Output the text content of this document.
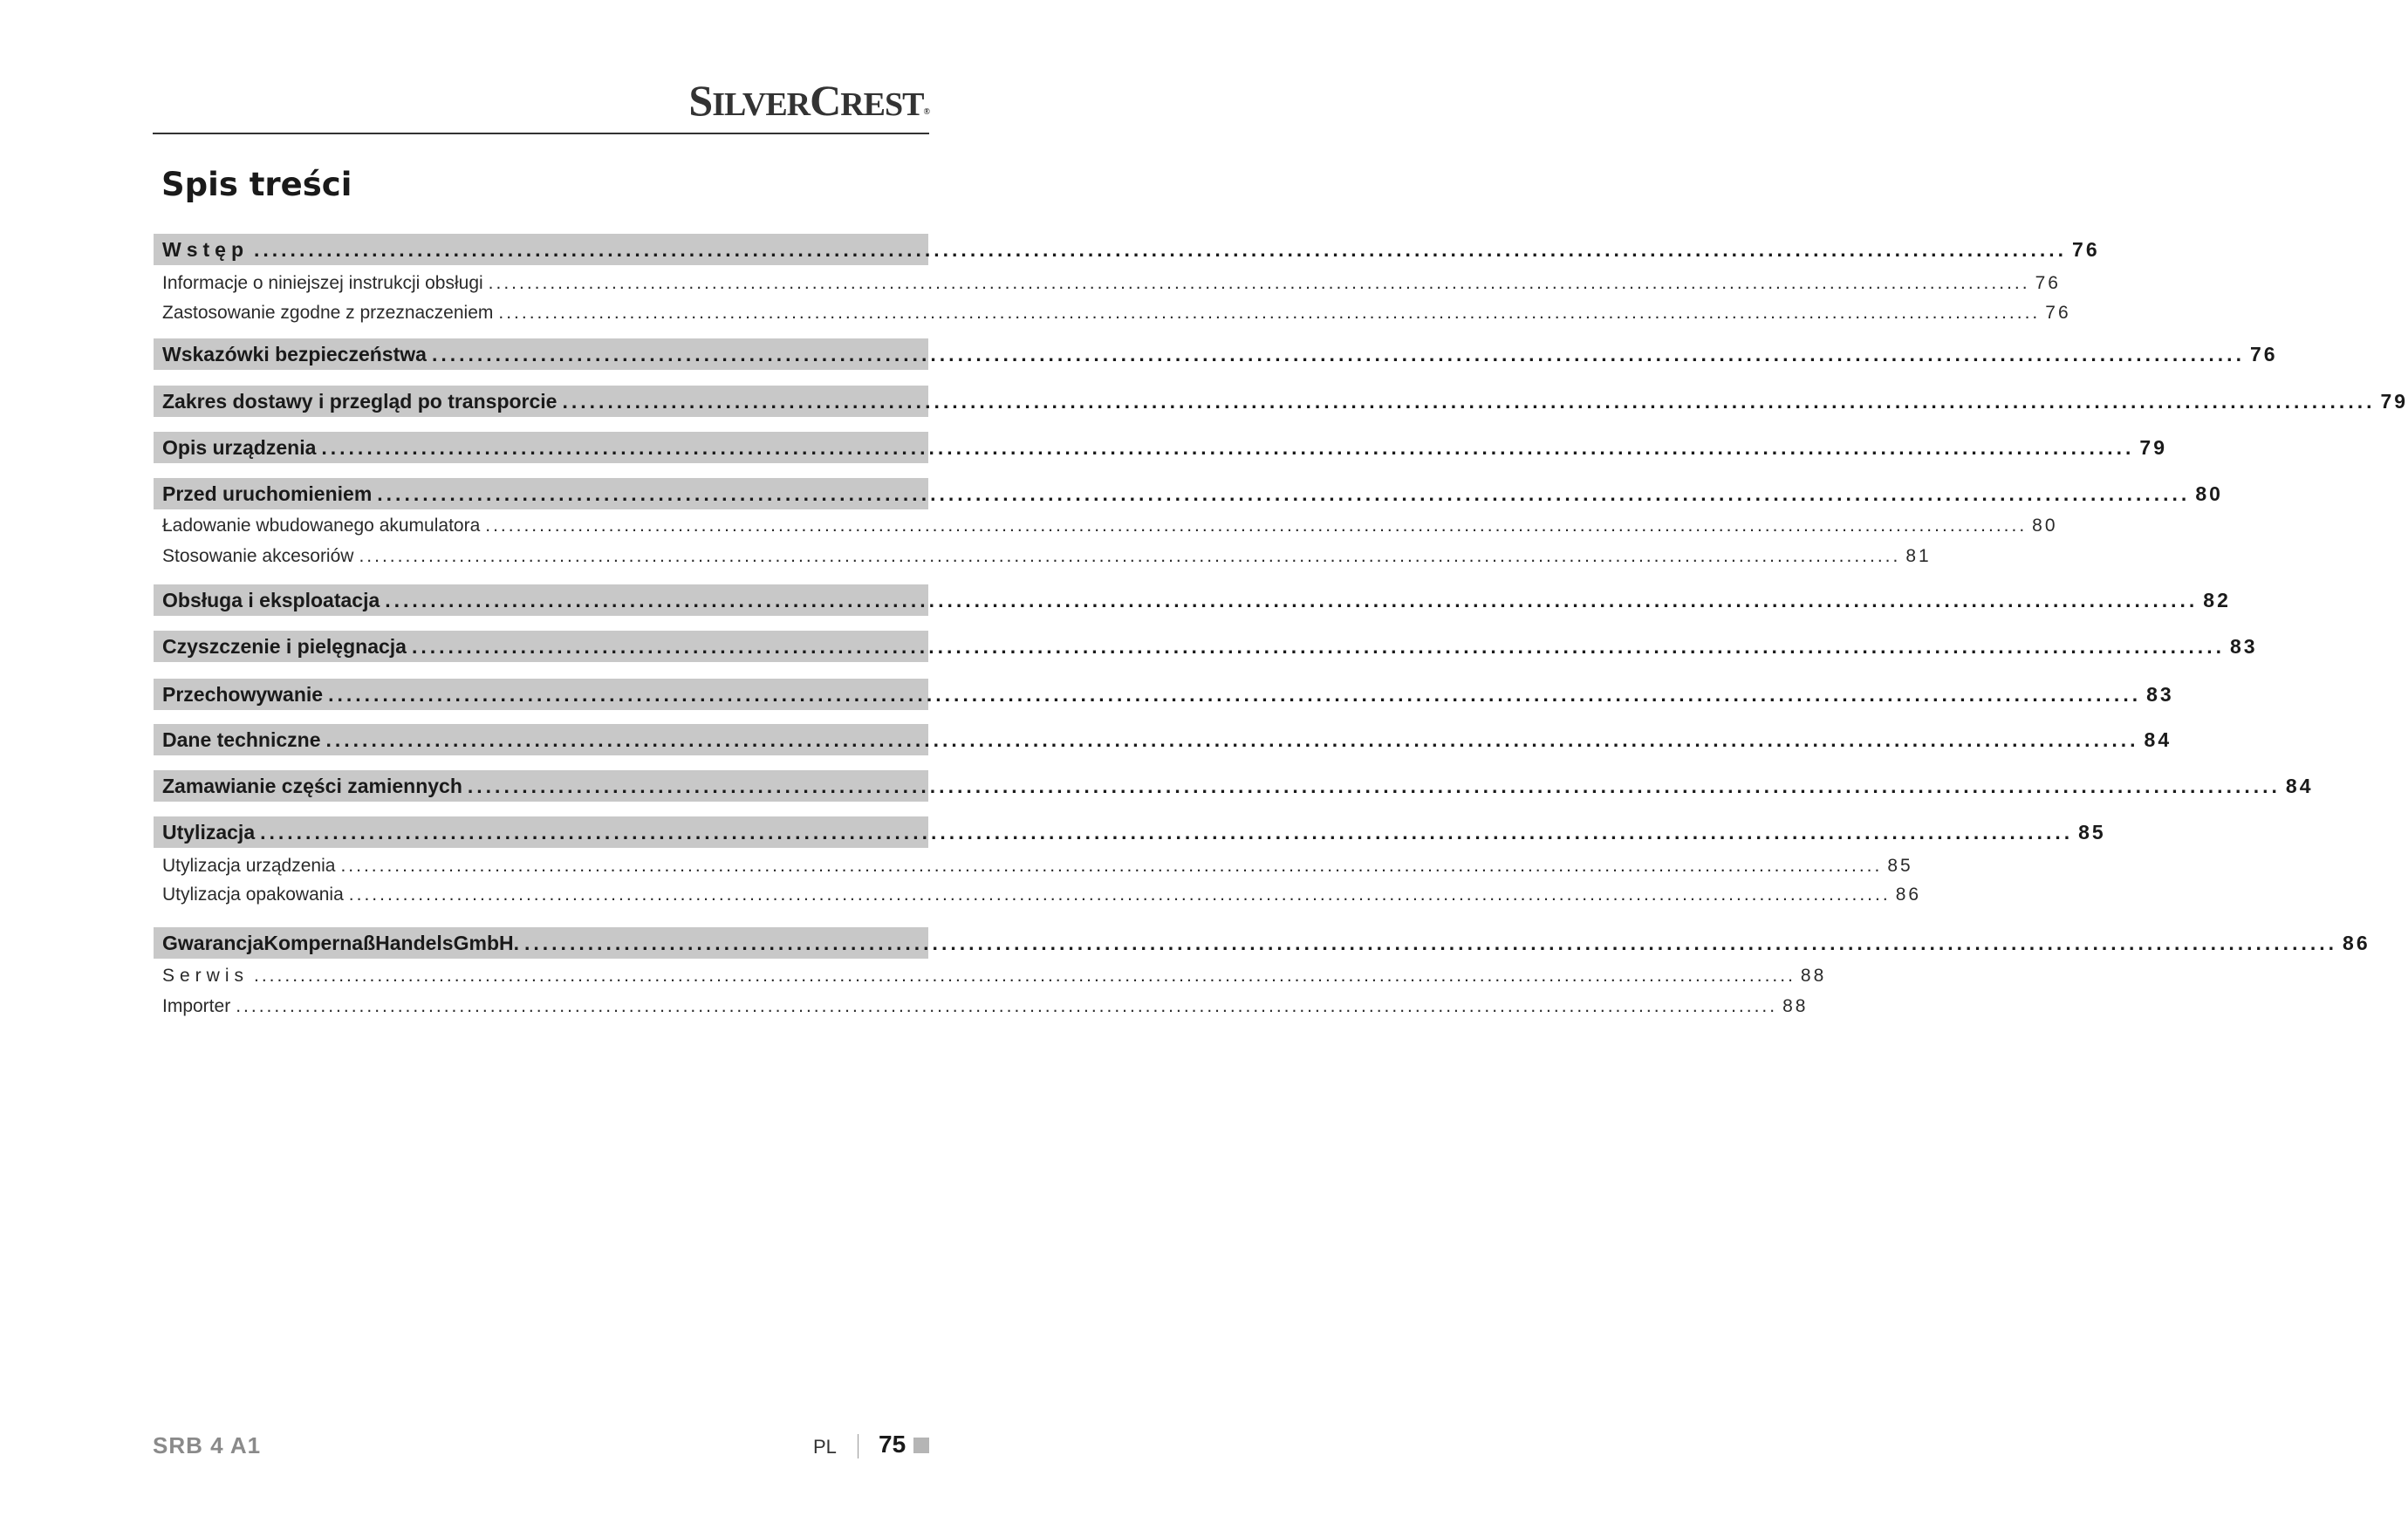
SILVERCREST®
Spis treści
Wstęp ........................................................................................................................................................................................................ 76
Informacje o niniejszej instrukcji obsługi ........................................................................................................................................................................................................ 76
Zastosowanie zgodne z przeznaczeniem ........................................................................................................................................................................................................ 76
Wskazówki bezpieczeństwa ........................................................................................................................................................................................................ 76
Zakres dostawy i przegląd po transporcie ........................................................................................................................................................................................................ 79
Opis urządzenia ........................................................................................................................................................................................................ 79
Przed uruchomieniem ........................................................................................................................................................................................................ 80
Ładowanie wbudowanego akumulatora ........................................................................................................................................................................................................ 80
Stosowanie akcesoriów ........................................................................................................................................................................................................ 81
Obsługa i eksploatacja ........................................................................................................................................................................................................ 82
Czyszczenie i pielęgnacja ........................................................................................................................................................................................................ 83
Przechowywanie ........................................................................................................................................................................................................ 83
Dane techniczne ........................................................................................................................................................................................................ 84
Zamawianie części zamiennych ........................................................................................................................................................................................................ 84
Utylizacja ........................................................................................................................................................................................................ 85
Utylizacja urządzenia ........................................................................................................................................................................................................ 85
Utylizacja opakowania ........................................................................................................................................................................................................ 86
GwarancjaKompernaßHandelsGmbH. ........................................................................................................................................................................................................ 86
Serwis ........................................................................................................................................................................................................ 88
Importer ........................................................................................................................................................................................................ 88
SRB 4 A1	PL 75
